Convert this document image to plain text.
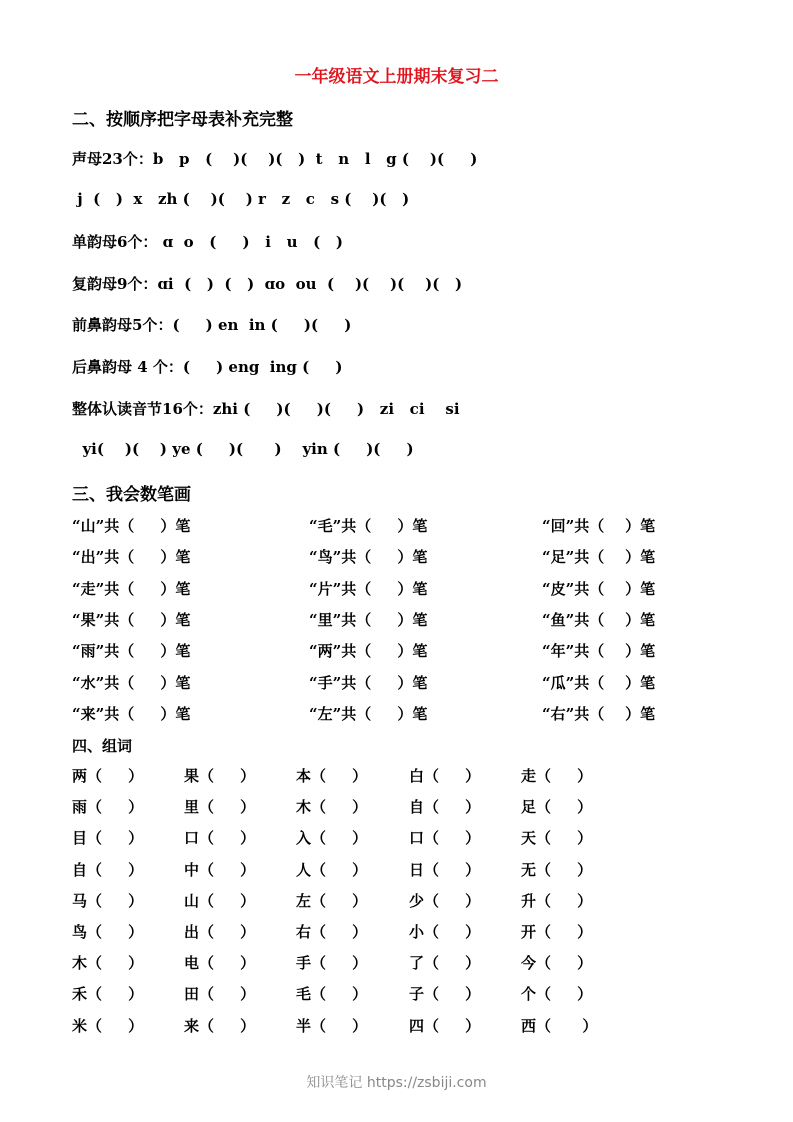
一年级语文上册期末复习二
二、按顺序把字母表补充完整
声母23个：b   p   (    )(    )(   )  t   n   l   g (    )(     )
j  (   )  x   zh (    )(    ) r   z   c   s (    )(   )
单韵母6个： ɑ  o   (     )   i   u   (   )
复韵母9个：ɑi  (   )  (   )  ɑo  ou  (    )(    )(    )(   )
前鼻韵母5个：(     ) en  in (     )(     )
后鼻韵母 4 个：(     ) eng  ing (     )
整体认读音节16个：zhi (     )(     )(     )   zi   ci    si
yi(    )(    ) ye (     )(      )    yin (     )(     )
三、我会数笔画
“山”共（     ）笔	“毛”共（     ）笔	“回”共（    ）笔
“出”共（     ）笔	“鸟”共（     ）笔	“足”共（    ）笔
“走”共（     ）笔	“片”共（     ）笔	“皮”共（    ）笔
“果”共（     ）笔	“里”共（     ）笔	“鱼”共（    ）笔
“雨”共（     ）笔	“两”共（     ）笔	“年”共（    ）笔
“水”共（     ）笔	“手”共（     ）笔	“瓜”共（    ）笔
“来”共（     ）笔	“左”共（     ）笔	“右”共（    ）笔
四、组词
两（     ）	果（     ）	本（     ）	白（     ）	走（     ）
雨（     ）	里（     ）	木（     ）	自（     ）	足（     ）
目（     ）	口（     ）	入（     ）	口（     ）	天（     ）
自（     ）	中（     ）	人（     ）	日（     ）	无（     ）
马（     ）	山（     ）	左（     ）	少（     ）	升（     ）
鸟（     ）	出（     ）	右（     ）	小（     ）	开（     ）
木（     ）	电（     ）	手（     ）	了（     ）	今（     ）
禾（     ）	田（     ）	毛（     ）	子（     ）	个（     ）
米（     ）	来（     ）	半（     ）	四（     ）	西（      ）
知识笔记 https://zsbiji.com
